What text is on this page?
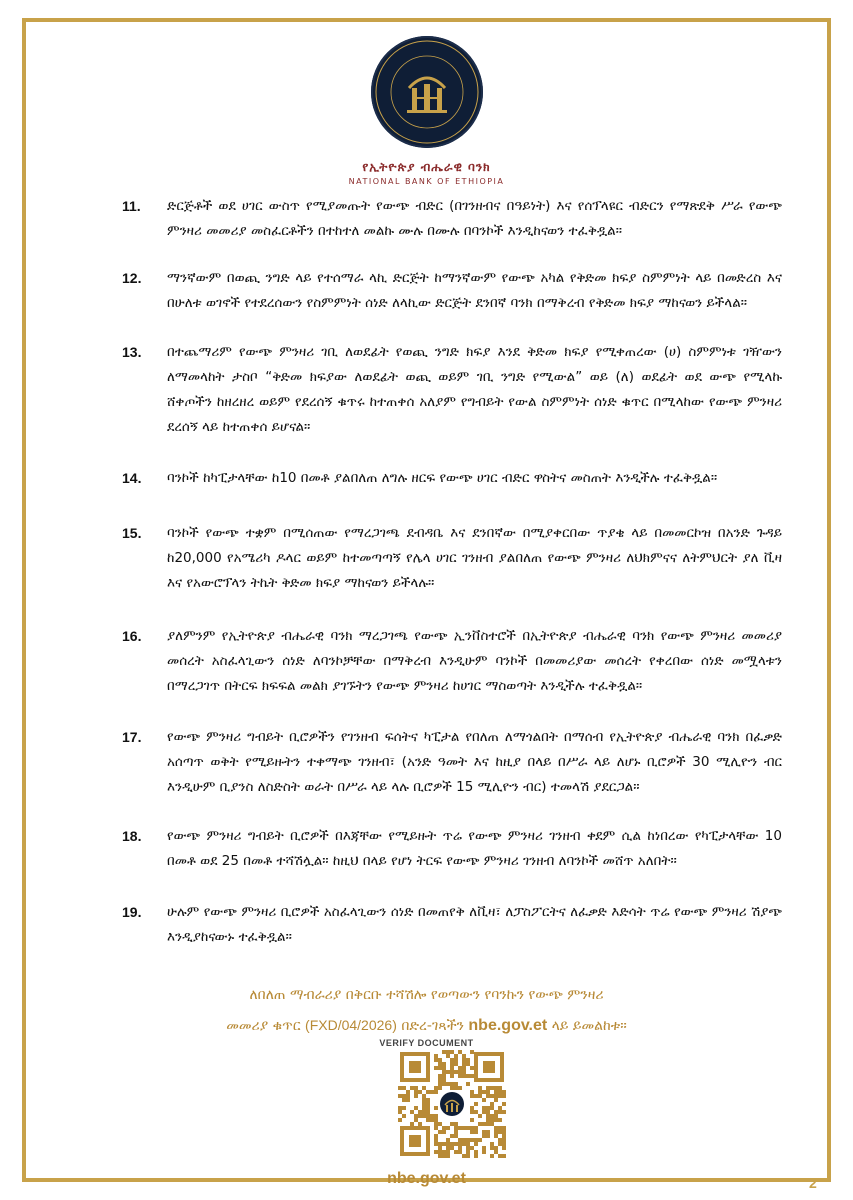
የኢትዮጵያ ብሔራዊ ባንክ
NATIONAL BANK OF ETHIOPIA
11.	ድርጅቶች ወደ ሀገር ውስጥ የሚያመጡት የውጭ ብድር (በገንዘብና በዓይነት) እና የሰፕላዩር ብድርን የማጽደቅ ሥራ የውጭ ምንዛሪ መመሪያ መስፈርቶችን በተከተለ መልኩ ሙሉ በሙሉ በባንኮች እንዲከናወን ተፈቅዷል።
12.	ማንኛውም በወጪ ንግድ ላይ የተሰማራ ላኪ ድርጅት ከማንኛውም የውጭ አካል የቅድመ ክፍያ ስምምነት ላይ በመድረስ እና በሁለቱ ወገኖች የተደረሰውን የስምምነት ሰነድ ለላኪው ድርጅት ደንበኛ ባንክ በማቅረብ የቅድመ ክፍያ ማከናወን ይችላል።
13.	በተጨማሪም የውጭ ምንዛሪ ገቢ ለወደፊት የወጪ ንግድ ክፍያ እንደ ቅድመ ክፍያ የሚቀጠረው (ሀ) ስምምነቱ ገዥውን ለማመላከት ታስቦ “ቅድመ ክፍያው ለወደፊት ወጪ ወይም ገቢ ንግድ የሚውል” ወይ (ለ) ወደፊት ወደ ውጭ የሚላኩ ሸቀጦችን ከዘረዘረ ወይም የደረሰኝ ቁጥሩ ከተጠቀሰ አለያም የግብይት የውል ስምምነት ሰነድ ቁጥር በሚላከው የውጭ ምንዛሪ ደረሰኝ ላይ ከተጠቀሰ ይሆናል።
14.	ባንኮች ከካፒታላቸው ከ10 በመቶ ያልበለጠ ለግሉ ዘርፍ የውጭ ሀገር ብድር ዋስትና መስጠት እንዲችሉ ተፈቅዷል።
15.	ባንኮች የውጭ ተቋም በሚሰጠው የማረጋገጫ ደብዳቤ እና ደንበኛው በሚያቀርበው ጥያቄ ላይ በመመርኮዝ በአንድ ጉዳይ ከ20,000 የአሜሪካ ዶላር ወይም ከተመጣጣኝ የሌላ ሀገር ገንዘብ ያልበለጠ የውጭ ምንዛሪ ለህክምናና ለትምህርት ያለ ቪዛ እና የአውሮፕላን ትኬት ቅድመ ክፍያ ማከናወን ይችላሉ።
16.	ያለምንም የኢትዮጵያ ብሔራዊ ባንክ ማረጋገጫ የውጭ ኢንቨስተሮች በኢትዮጵያ ብሔራዊ ባንክ የውጭ ምንዛሪ መመሪያ መሰረት አስፈላጊውን ሰነድ ለባንኮቻቸው በማቅረብ እንዲሁም ባንኮች በመመሪያው መሰረት የቀረበው ሰነድ መሟላቱን በማረጋገጥ በትርፍ ክፍፍል መልክ ያገኙትን የውጭ ምንዛሪ ከሀገር ማስወጣት እንዲችሉ ተፈቅዷል።
17.	የውጭ ምንዛሪ ግብይት ቢሮዎችን የገንዘብ ፍሰትና ካፒታል የበለጠ ለማጎልበት በማሰብ የኢትዮጵያ ብሔራዊ ባንክ በፈቃድ አሰጣጥ ወቅት የሚይዙትን ተቀማጭ ገንዘብ፣ (አንድ ዓመት እና ከዚያ በላይ በሥራ ላይ ለሆኑ ቢሮዎች 30 ሚሊዮን ብር እንዲሁም ቢያንስ ለስድስት ወራት በሥራ ላይ ላሉ ቢሮዎች 15 ሚሊዮን ብር) ተመላሽ ያደርጋል።
18.	የውጭ ምንዛሪ ግብይት ቢሮዎች በእጃቸው የሚይዙት ጥሬ የውጭ ምንዛሪ ገንዘብ ቀደም ሲል ከነበረው የካፒታላቸው 10 በመቶ ወደ 25 በመቶ ተሻሽሏል። ከዚህ በላይ የሆነ ትርፍ የውጭ ምንዛሪ ገንዘብ ለባንኮች መሸጥ አለበት።
19.	ሁሉም የውጭ ምንዛሪ ቢሮዎች አስፈላጊውን ሰነድ በመጠየቅ ለቪዛ፣ ለፓስፖርትና ለፈቃድ እድሳት ጥሬ የውጭ ምንዛሪ ሽያጭ እንዲያከናውኑ ተፈቅዷል።
ለበለጠ ማብራሪያ በቅርቡ ተሻሽሎ የወጣውን የባንኩን የውጭ ምንዛሪ
መመሪያ ቁጥር (FXD/04/2026) በድረ-ገጻችን nbe.gov.et ላይ ይመልከቱ።
VERIFY DOCUMENT
nbe.gov.et	2
